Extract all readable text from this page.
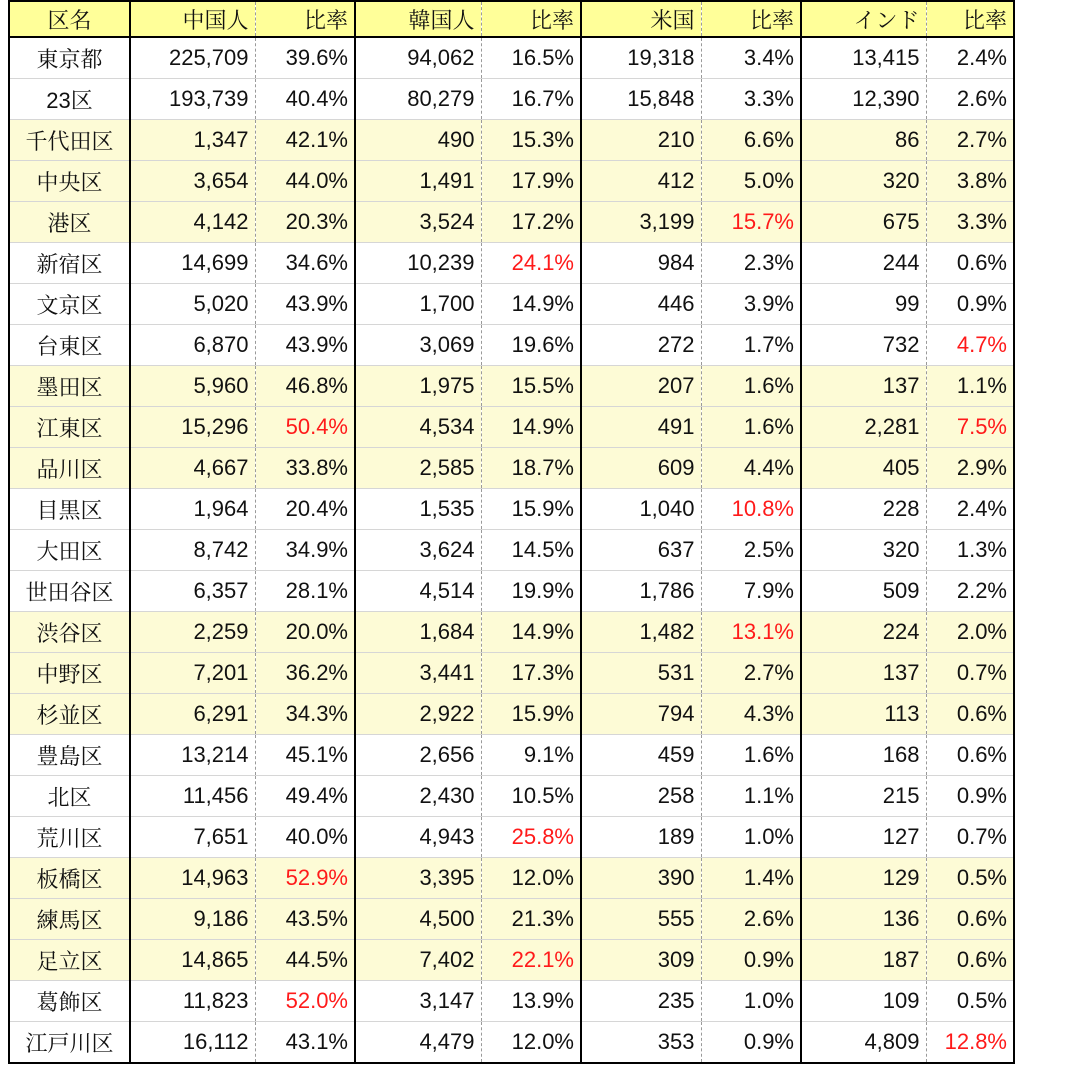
区名	中国人	比率	韓国人	比率	米国	比率	インド	比率
東京都	225,709	39.6%	94,062	16.5%	19,318	3.4%	13,415	2.4%
23区	193,739	40.4%	80,279	16.7%	15,848	3.3%	12,390	2.6%
千代田区	1,347	42.1%	490	15.3%	210	6.6%	86	2.7%
中央区	3,654	44.0%	1,491	17.9%	412	5.0%	320	3.8%
港区	4,142	20.3%	3,524	17.2%	3,199	15.7%	675	3.3%
新宿区	14,699	34.6%	10,239	24.1%	984	2.3%	244	0.6%
文京区	5,020	43.9%	1,700	14.9%	446	3.9%	99	0.9%
台東区	6,870	43.9%	3,069	19.6%	272	1.7%	732	4.7%
墨田区	5,960	46.8%	1,975	15.5%	207	1.6%	137	1.1%
江東区	15,296	50.4%	4,534	14.9%	491	1.6%	2,281	7.5%
品川区	4,667	33.8%	2,585	18.7%	609	4.4%	405	2.9%
目黒区	1,964	20.4%	1,535	15.9%	1,040	10.8%	228	2.4%
大田区	8,742	34.9%	3,624	14.5%	637	2.5%	320	1.3%
世田谷区	6,357	28.1%	4,514	19.9%	1,786	7.9%	509	2.2%
渋谷区	2,259	20.0%	1,684	14.9%	1,482	13.1%	224	2.0%
中野区	7,201	36.2%	3,441	17.3%	531	2.7%	137	0.7%
杉並区	6,291	34.3%	2,922	15.9%	794	4.3%	113	0.6%
豊島区	13,214	45.1%	2,656	9.1%	459	1.6%	168	0.6%
北区	11,456	49.4%	2,430	10.5%	258	1.1%	215	0.9%
荒川区	7,651	40.0%	4,943	25.8%	189	1.0%	127	0.7%
板橋区	14,963	52.9%	3,395	12.0%	390	1.4%	129	0.5%
練馬区	9,186	43.5%	4,500	21.3%	555	2.6%	136	0.6%
足立区	14,865	44.5%	7,402	22.1%	309	0.9%	187	0.6%
葛飾区	11,823	52.0%	3,147	13.9%	235	1.0%	109	0.5%
江戸川区	16,112	43.1%	4,479	12.0%	353	0.9%	4,809	12.8%
